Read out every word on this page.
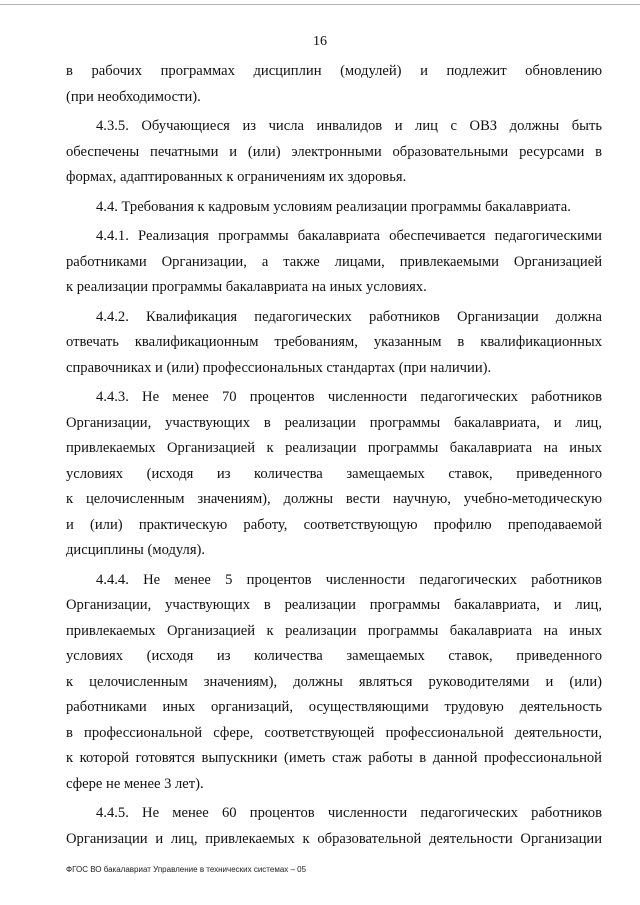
16
в рабочих программах дисциплин (модулей) и подлежит обновлению
(при необходимости).
4.3.5. Обучающиеся из числа инвалидов и лиц с ОВЗ должны быть
обеспечены печатными и (или) электронными образовательными ресурсами в
формах, адаптированных к ограничениям их здоровья.
4.4. Требования к кадровым условиям реализации программы бакалавриата.
4.4.1. Реализация программы бакалавриата обеспечивается педагогическими
работниками Организации, а также лицами, привлекаемыми Организацией
к реализации программы бакалавриата на иных условиях.
4.4.2. Квалификация педагогических работников Организации должна
отвечать квалификационным требованиям, указанным в квалификационных
справочниках и (или) профессиональных стандартах (при наличии).
4.4.3. Не менее 70 процентов численности педагогических работников
Организации, участвующих в реализации программы бакалавриата, и лиц,
привлекаемых Организацией к реализации программы бакалавриата на иных
условиях (исходя из количества замещаемых ставок, приведенного
к целочисленным значениям), должны вести научную, учебно-методическую
и (или) практическую работу, соответствующую профилю преподаваемой
дисциплины (модуля).
4.4.4. Не менее 5 процентов численности педагогических работников
Организации, участвующих в реализации программы бакалавриата, и лиц,
привлекаемых Организацией к реализации программы бакалавриата на иных
условиях (исходя из количества замещаемых ставок, приведенного
к целочисленным значениям), должны являться руководителями и (или)
работниками иных организаций, осуществляющими трудовую деятельность
в профессиональной сфере, соответствующей профессиональной деятельности,
к которой готовятся выпускники (иметь стаж работы в данной профессиональной
сфере не менее 3 лет).
4.4.5. Не менее 60 процентов численности педагогических работников
Организации и лиц, привлекаемых к образовательной деятельности Организации
ФГОС ВО бакалавриат Управление в технических системах – 05
